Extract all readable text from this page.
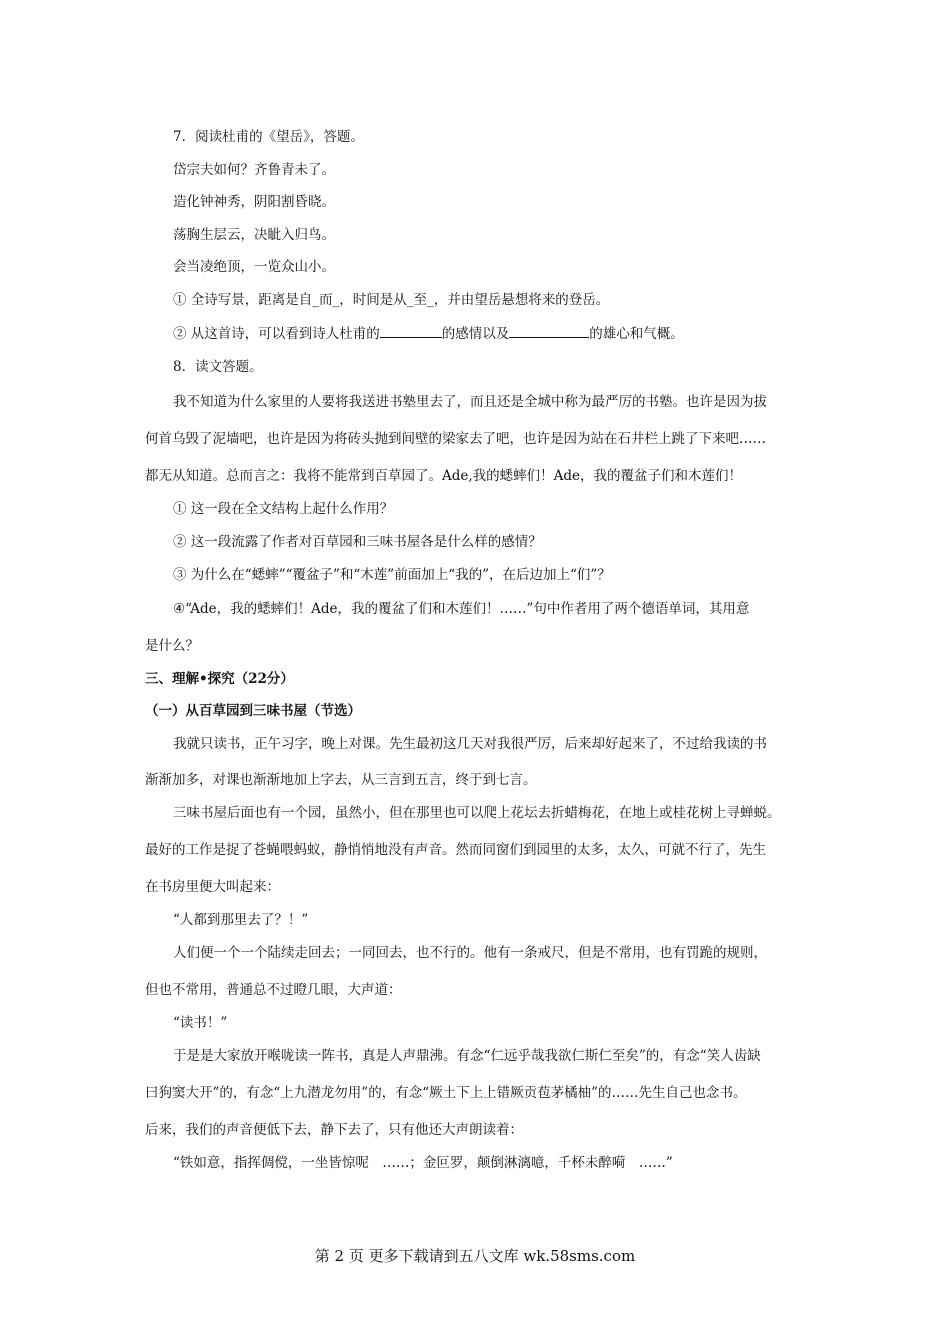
7．阅读杜甫的《望岳》，答题。
岱宗夫如何？齐鲁青未了。
造化钟神秀，阴阳割昏晓。
荡胸生层云，决眦入归鸟。
会当凌绝顶，一览众山小。
① 全诗写景，距离是自_而_，时间是从_至_，并由望岳悬想将来的登岳。
② 从这首诗，可以看到诗人杜甫的	的感情以及	的雄心和气概。
8．读文答题。
我不知道为什么家里的人要将我送进书塾里去了，而且还是全城中称为最严厉的书塾。也许是因为拔
何首乌毁了泥墙吧，也许是因为将砖头抛到间壁的梁家去了吧，也许是因为站在石井栏上跳了下来吧……
都无从知道。总而言之：我将不能常到百草园了。Ade,我的蟋蟀们！Ade，我的覆盆子们和木莲们！
① 这一段在全文结构上起什么作用？
② 这一段流露了作者对百草园和三味书屋各是什么样的感情？
③ 为什么在“蟋蟀”“覆盆子”和“木莲”前面加上“我的”，在后边加上“们”？
④“Ade，我的蟋蟀们！Ade，我的覆盆了们和木莲们！……”句中作者用了两个德语单词，其用意
是什么？
三、理解•探究（22分）
（一）从百草园到三味书屋（节选）
我就只读书，正午习字，晚上对课。先生最初这几天对我很严厉，后来却好起来了，不过给我读的书
渐渐加多，对课也渐渐地加上字去，从三言到五言，终于到七言。
三味书屋后面也有一个园，虽然小，但在那里也可以爬上花坛去折蜡梅花，在地上或桂花树上寻蝉蜕。
最好的工作是捉了苍蝇喂蚂蚁，静悄悄地没有声音。然而同窗们到园里的太多，太久，可就不行了，先生
在书房里便大叫起来：
“人都到那里去了？！”
人们便一个一个陆续走回去；一同回去，也不行的。他有一条戒尺，但是不常用，也有罚跪的规则，
但也不常用，普通总不过瞪几眼，大声道：
“读书！”
于是是大家放开喉咙读一阵书，真是人声鼎沸。有念“仁远乎哉我欲仁斯仁至矣”的，有念“笑人齿缺
曰狗窦大开”的，有念“上九潜龙勿用”的，有念“厥土下上上错厥贡苞茅橘柚”的……先生自己也念书。
后来，我们的声音便低下去，静下去了，只有他还大声朗读着：
“铁如意，指挥倜傥，一坐皆惊呢　……；金叵罗，颠倒淋漓噫，千杯未醉嗬　……”
第 2 页 更多下载请到五八文库 wk.58sms.com
